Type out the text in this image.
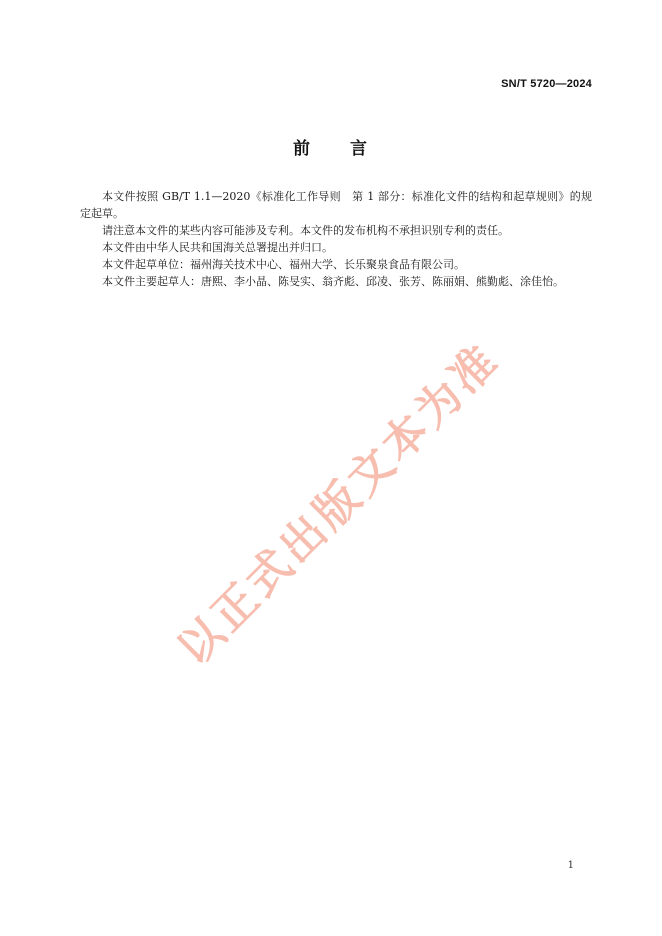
SN/T 5720—2024
前 言

本文件按照 GB/T 1.1—2020《标准化工作导则　第 1 部分：标准化文件的结构和起草规则》的规定起草。

请注意本文件的某些内容可能涉及专利。本文件的发布机构不承担识别专利的责任。

本文件由中华人民共和国海关总署提出并归口。

本文件起草单位：福州海关技术中心、福州大学、长乐聚泉食品有限公司。

本文件主要起草人：唐熙、李小晶、陈旻实、翁齐彪、邱凌、张芳、陈丽娟、熊勤彪、涂佳怡。

以正式出版文本为准
1
